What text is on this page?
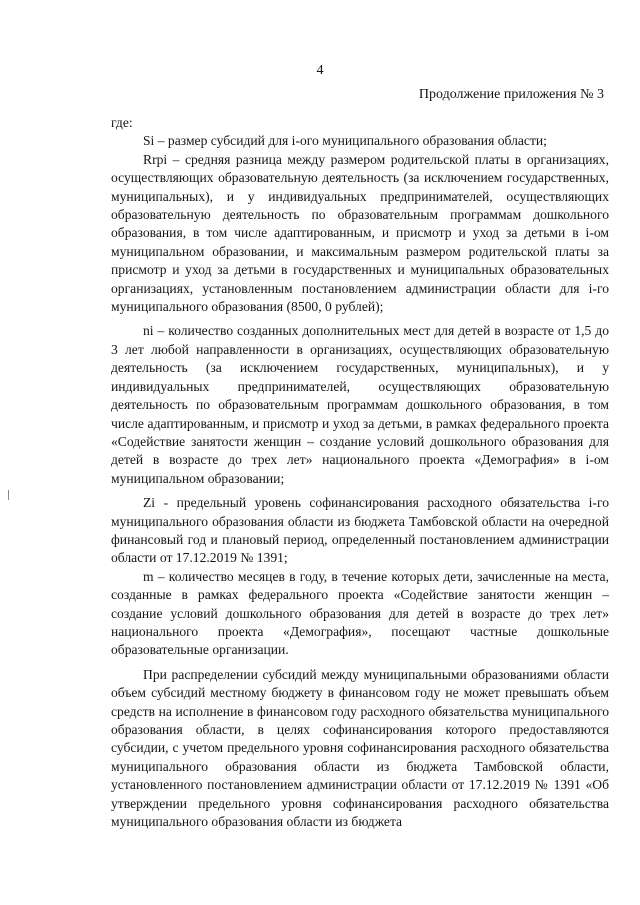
4
Продолжение приложения № 3

где:

Si – размер субсидий для i-ого муниципального образования области;

Rrpi – средняя разница между размером родительской платы в организациях, осуществляющих образовательную деятельность (за исключением государственных, муниципальных), и у индивидуальных предпринимателей, осуществляющих образовательную деятельность по образовательным программам дошкольного образования, в том числе адаптированным, и присмотр и уход за детьми в i-ом муниципальном образовании, и максимальным размером родительской платы за присмотр и уход за детьми в государственных и муниципальных образовательных организациях, установленным постановлением администрации области для i-го муниципального образования (8500, 0 рублей);

ni – количество созданных дополнительных мест для детей в возрасте от 1,5 до 3 лет любой направленности в организациях, осуществляющих образовательную деятельность (за исключением государственных, муниципальных), и у индивидуальных предпринимателей, осуществляющих образовательную деятельность по образовательным программам дошкольного образования, в том числе адаптированным, и присмотр и уход за детьми, в рамках федерального проекта «Содействие занятости женщин – создание условий дошкольного образования для детей в возрасте до трех лет» национального проекта «Демография» в i-ом муниципальном образовании;

Zi - предельный уровень софинансирования расходного обязательства i-го муниципального образования области из бюджета Тамбовской области на очередной финансовый год и плановый период, определенный постановлением администрации области от 17.12.2019 № 1391;

m – количество месяцев в году, в течение которых дети, зачисленные на места, созданные в рамках федерального проекта «Содействие занятости женщин – создание условий дошкольного образования для детей в возрасте до трех лет» национального проекта «Демография», посещают частные дошкольные образовательные организации.

При распределении субсидий между муниципальными образованиями области объем субсидий местному бюджету в финансовом году не может превышать объем средств на исполнение в финансовом году расходного обязательства муниципального образования области, в целях софинансирования которого предоставляются субсидии, с учетом предельного уровня софинансирования расходного обязательства муниципального образования области из бюджета Тамбовской области, установленного постановлением администрации области от 17.12.2019 № 1391 «Об утверждении предельного уровня софинансирования расходного обязательства муниципального образования области из бюджета
